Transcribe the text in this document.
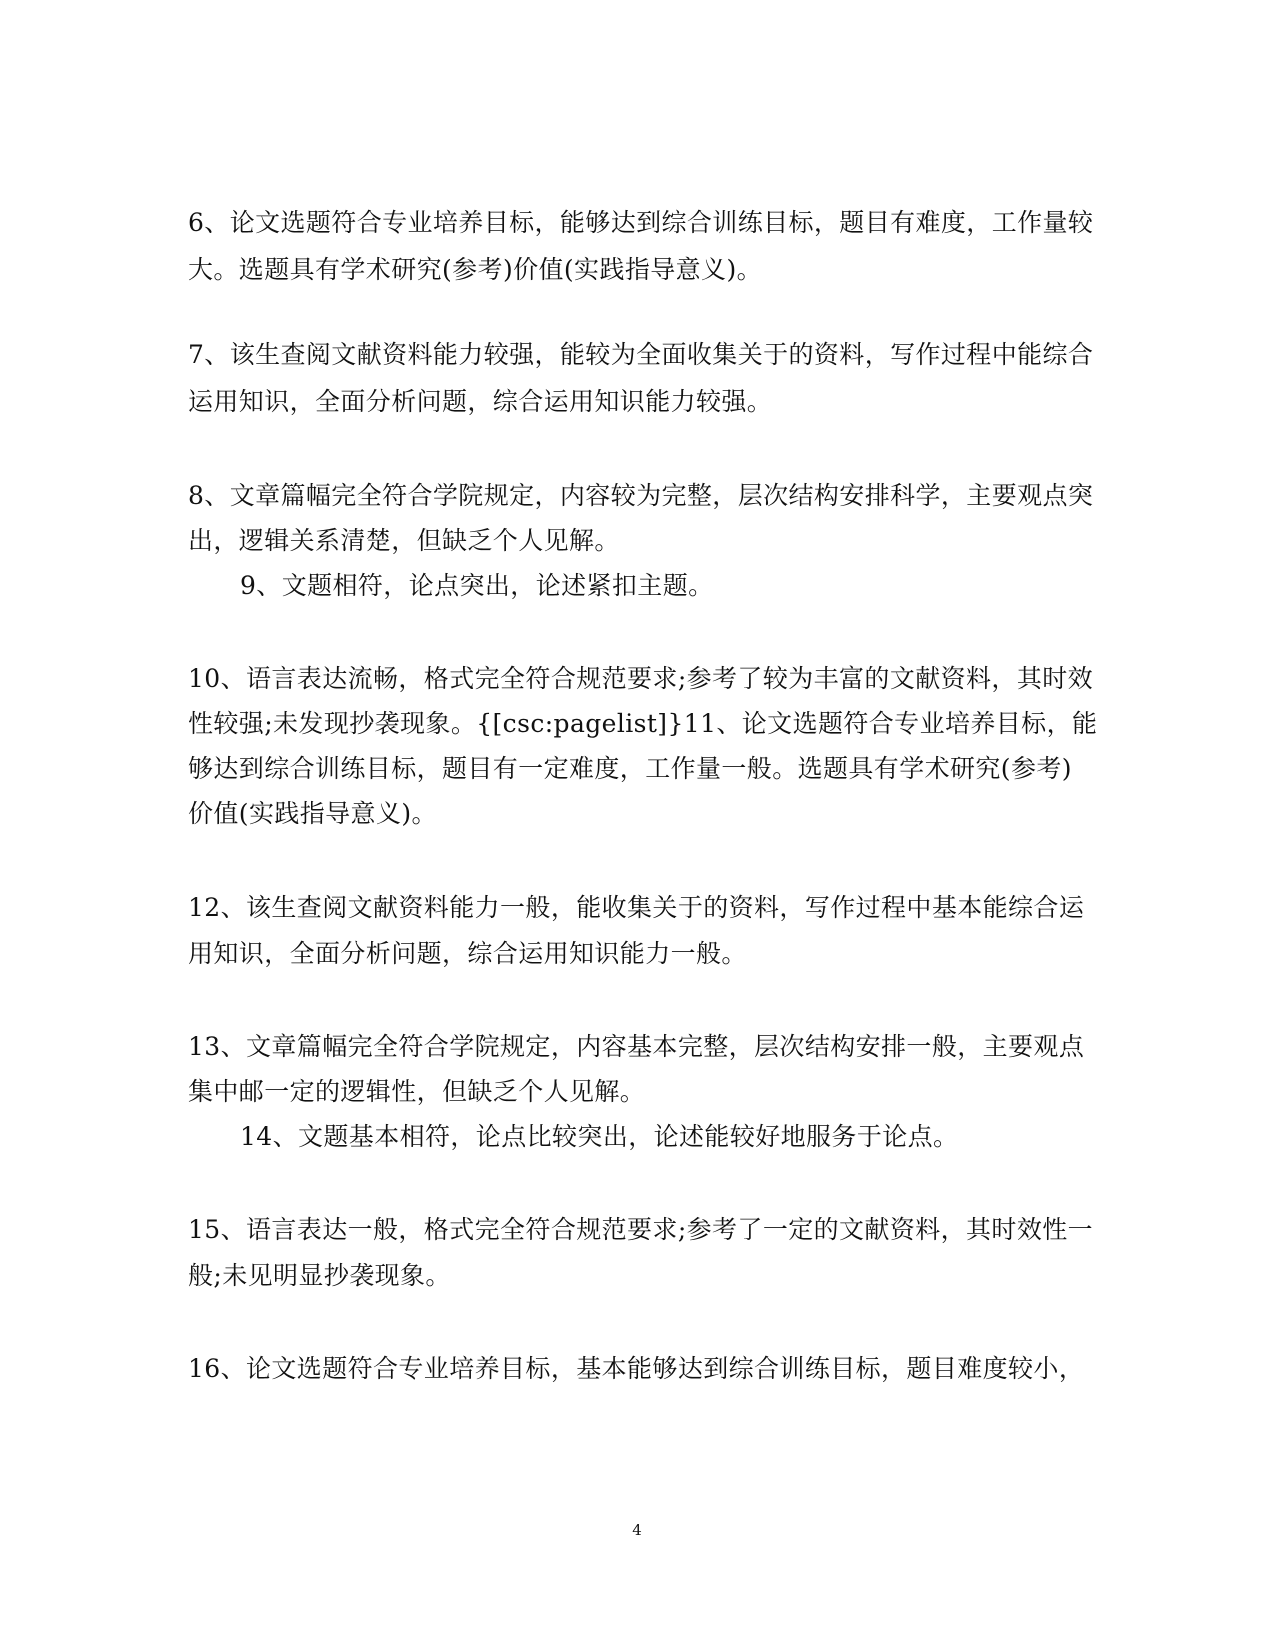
6、论文选题符合专业培养目标，能够达到综合训练目标，题目有难度，工作量较
大。选题具有学术研究(参考)价值(实践指导意义)。
7、该生查阅文献资料能力较强，能较为全面收集关于的资料，写作过程中能综合
运用知识，全面分析问题，综合运用知识能力较强。
8、文章篇幅完全符合学院规定，内容较为完整，层次结构安排科学，主要观点突
出，逻辑关系清楚，但缺乏个人见解。
9、文题相符，论点突出，论述紧扣主题。
10、语言表达流畅，格式完全符合规范要求;参考了较为丰富的文献资料，其时效
性较强;未发现抄袭现象。{[csc:pagelist]}11、论文选题符合专业培养目标，能
够达到综合训练目标，题目有一定难度，工作量一般。选题具有学术研究(参考)
价值(实践指导意义)。
12、该生查阅文献资料能力一般，能收集关于的资料，写作过程中基本能综合运
用知识，全面分析问题，综合运用知识能力一般。
13、文章篇幅完全符合学院规定，内容基本完整，层次结构安排一般，主要观点
集中邮一定的逻辑性，但缺乏个人见解。
14、文题基本相符，论点比较突出，论述能较好地服务于论点。
15、语言表达一般，格式完全符合规范要求;参考了一定的文献资料，其时效性一
般;未见明显抄袭现象。
16、论文选题符合专业培养目标，基本能够达到综合训练目标，题目难度较小，
4
